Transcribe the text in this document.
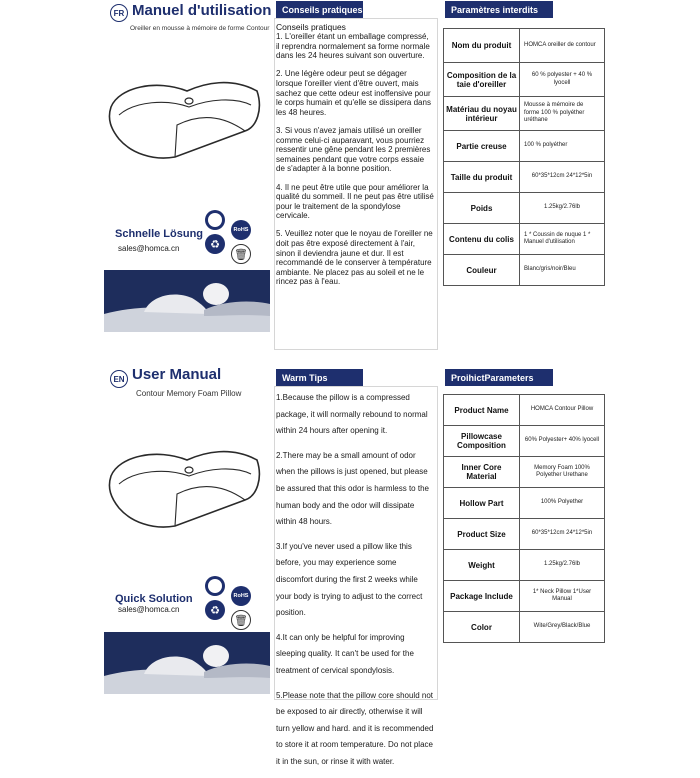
FR Manuel d'utilisation
Oreiller en mousse à mémoire de forme Contour
Schnelle Lösung
sales@homca.cn
RoHS
♻
🗑
Conseils pratiques
Conseils pratiques
1. L'oreiller étant un emballage compressé, il reprendra normalement sa forme normale dans les 24 heures suivant son ouverture.
2. Une légère odeur peut se dégager lorsque l'oreiller vient d'être ouvert, mais sachez que cette odeur est inoffensive pour le corps humain et qu'elle se dissipera dans les 48 heures.
3. Si vous n'avez jamais utilisé un oreiller comme celui-ci auparavant, vous pourriez ressentir une gêne pendant les 2 premières semaines pendant que votre corps essaie de s'adapter à la bonne position.
4. Il ne peut être utile que pour améliorer la qualité du sommeil. Il ne peut pas être utilisé pour le traitement de la spondylose cervicale.
5. Veuillez noter que le noyau de l'oreiller ne doit pas être exposé directement à l'air, sinon il deviendra jaune et dur. Il est recommandé de le conserver à température ambiante. Ne placez pas au soleil et ne le rincez pas à l'eau.
Paramètres interdits
Nom du produit	HOMCA oreiller de contour
Composition de la taie d'oreiller	60 % polyester + 40 % lyocell
Matériau du noyau intérieur	Mousse à mémoire de forme 100 % polyéther uréthane
Partie creuse	100 % polyéther
Taille du produit	60*35*12cm 24*12*5in
Poids	1.25kg/2.76lb
Contenu du colis	1 * Coussin de nuque 1 * Manuel d'utilisation
Couleur	Blanc/gris/noir/Bleu
EN User Manual
Contour Memory Foam Pillow
Quick Solution
sales@homca.cn
RoHS
♻
🗑
Warm Tips
1.Because the pillow is a compressed package, it will normally rebound to normal within 24 hours after opening it.
2.There may be a small amount of odor when the pillows is just opened, but please be assured that this odor is harmless to the human body and the odor will dissipate within 48 hours.
3.If you've never used a pillow like this before, you may experience some discomfort during the first 2 weeks while your body is trying to adjust to the correct position.
4.It can only be helpful for improving sleeping quality. It can't be used for the treatment of cervical spondylosis.
5.Please note that the pillow core should not be exposed to air directly, otherwise it will turn yellow and hard. and it is recommended to store it at room temperature. Do not place it in the sun, or rinse it with water.
ProihictParameters
Product Name	HOMCA Contour Pillow
Pillowcase Composition	60% Polyester+ 40% lyocell
Inner Core Material	Memory Foam 100% Polyether Urethane
Hollow Part	100% Polyether
Product Size	60*35*12cm 24*12*5in
Weight	1.25kg/2.76lb
Package Include	1* Neck Pillow 1*User Manual
Color	Wite/Grey/Black/Blue
